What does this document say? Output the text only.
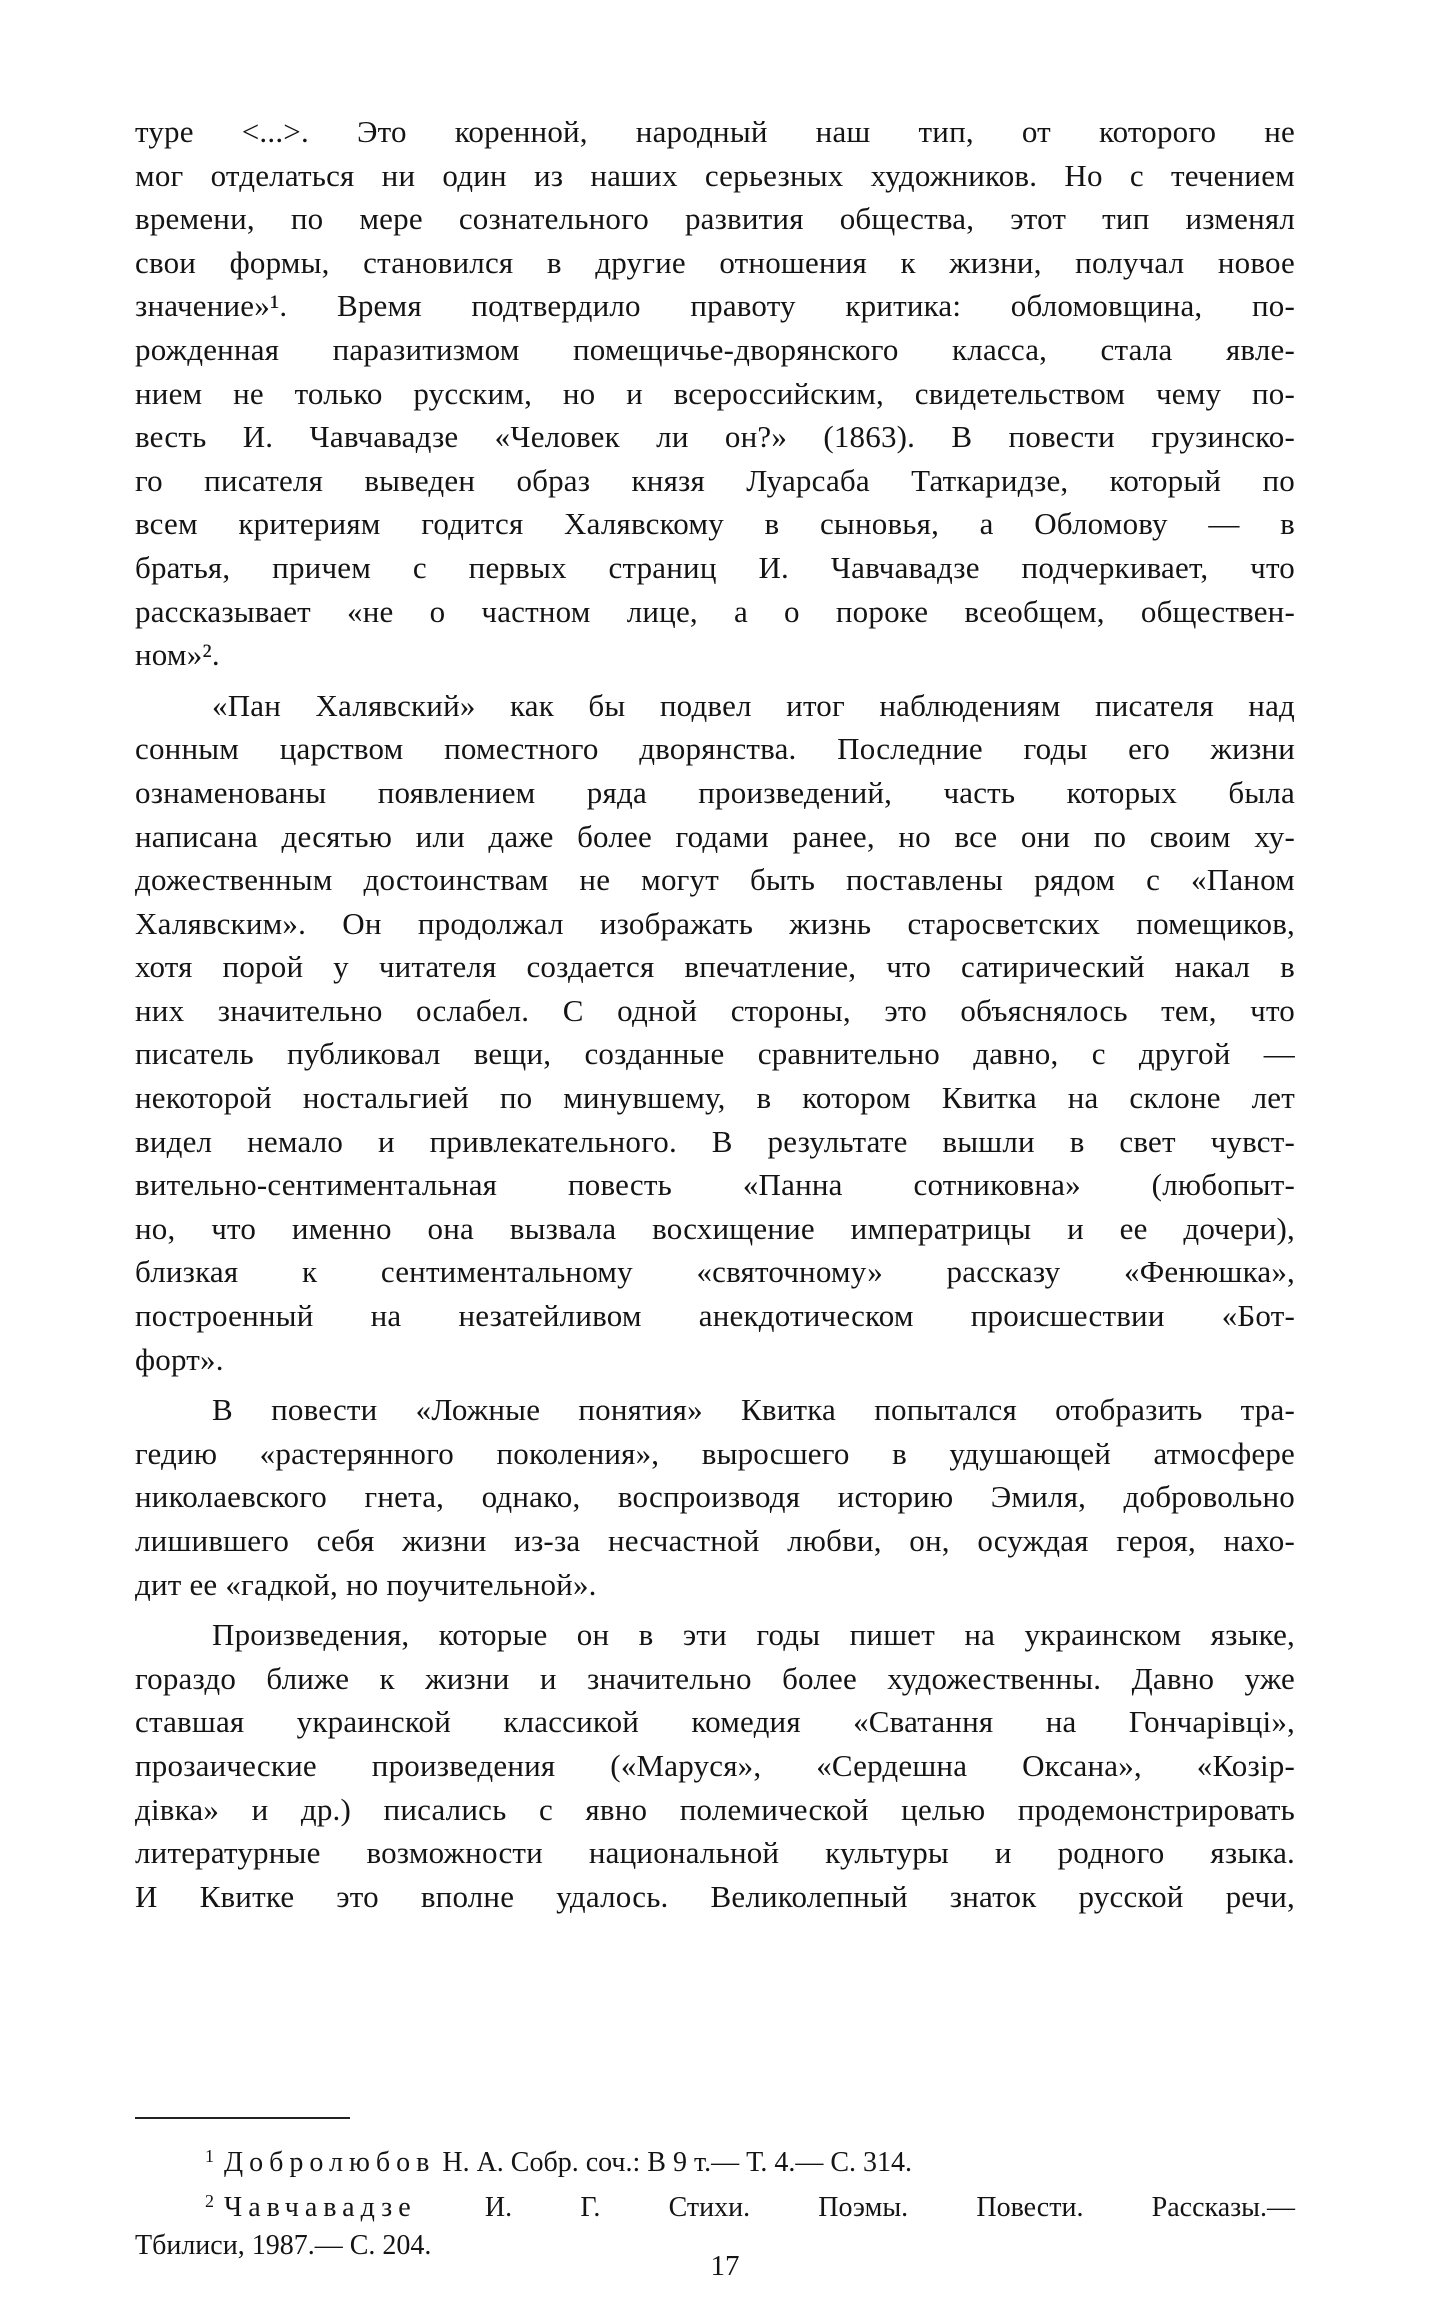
туре <...>. Это коренной, народный наш тип, от которого не
мог отделаться ни один из наших серьезных художников. Но с течением
времени, по мере сознательного развития общества, этот тип изменял
свои формы, становился в другие отношения к жизни, получал новое
значение»¹. Время подтвердило правоту критика: обломовщина, по-
рожденная паразитизмом помещичье-дворянского класса, стала явле-
нием не только русским, но и всероссийским, свидетельством чему по-
весть И. Чавчавадзе «Человек ли он?» (1863). В повести грузинско-
го писателя выведен образ князя Луарсаба Таткаридзе, который по
всем критериям годится Халявскому в сыновья, а Обломову — в
братья, причем с первых страниц И. Чавчавадзе подчеркивает, что
рассказывает «не о частном лице, а о пороке всеобщем, обществен-
ном»².

«Пан Халявский» как бы подвел итог наблюдениям писателя над
сонным царством поместного дворянства. Последние годы его жизни
ознаменованы появлением ряда произведений, часть которых была
написана десятью или даже более годами ранее, но все они по своим ху-
дожественным достоинствам не могут быть поставлены рядом с «Паном
Халявским». Он продолжал изображать жизнь старосветских помещиков,
хотя порой у читателя создается впечатление, что сатирический накал в
них значительно ослабел. С одной стороны, это объяснялось тем, что
писатель публиковал вещи, созданные сравнительно давно, с другой —
некоторой ностальгией по минувшему, в котором Квитка на склоне лет
видел немало и привлекательного. В результате вышли в свет чувст-
вительно-сентиментальная повесть «Панна сотниковна» (любопыт-
но, что именно она вызвала восхищение императрицы и ее дочери),
близкая к сентиментальному «святочному» рассказу «Фенюшка»,
построенный на незатейливом анекдотическом происшествии «Бот-
форт».

В повести «Ложные понятия» Квитка попытался отобразить тра-
гедию «растерянного поколения», выросшего в удушающей атмосфере
николаевского гнета, однако, воспроизводя историю Эмиля, добровольно
лишившего себя жизни из-за несчастной любви, он, осуждая героя, нахо-
дит ее «гадкой, но поучительной».

Произведения, которые он в эти годы пишет на украинском языке,
гораздо ближе к жизни и значительно более художественны. Давно уже
ставшая украинской классикой комедия «Сватання на Гончарівці»,
прозаические произведения («Маруся», «Сердешна Оксана», «Козір-
дівка» и др.) писались с явно полемической целью продемонстрировать
литературные возможности национальной культуры и родного языка.
И Квитке это вполне удалось. Великолепный знаток русской речи,

$^1$ Добролюбов Н. А. Собр. соч.: В 9 т.— Т. 4.— С. 314.
$^2$ Чавчавадзе И. Г. Стихи. Поэмы. Повести. Рассказы.—
Тбилиси, 1987.— С. 204.
17
